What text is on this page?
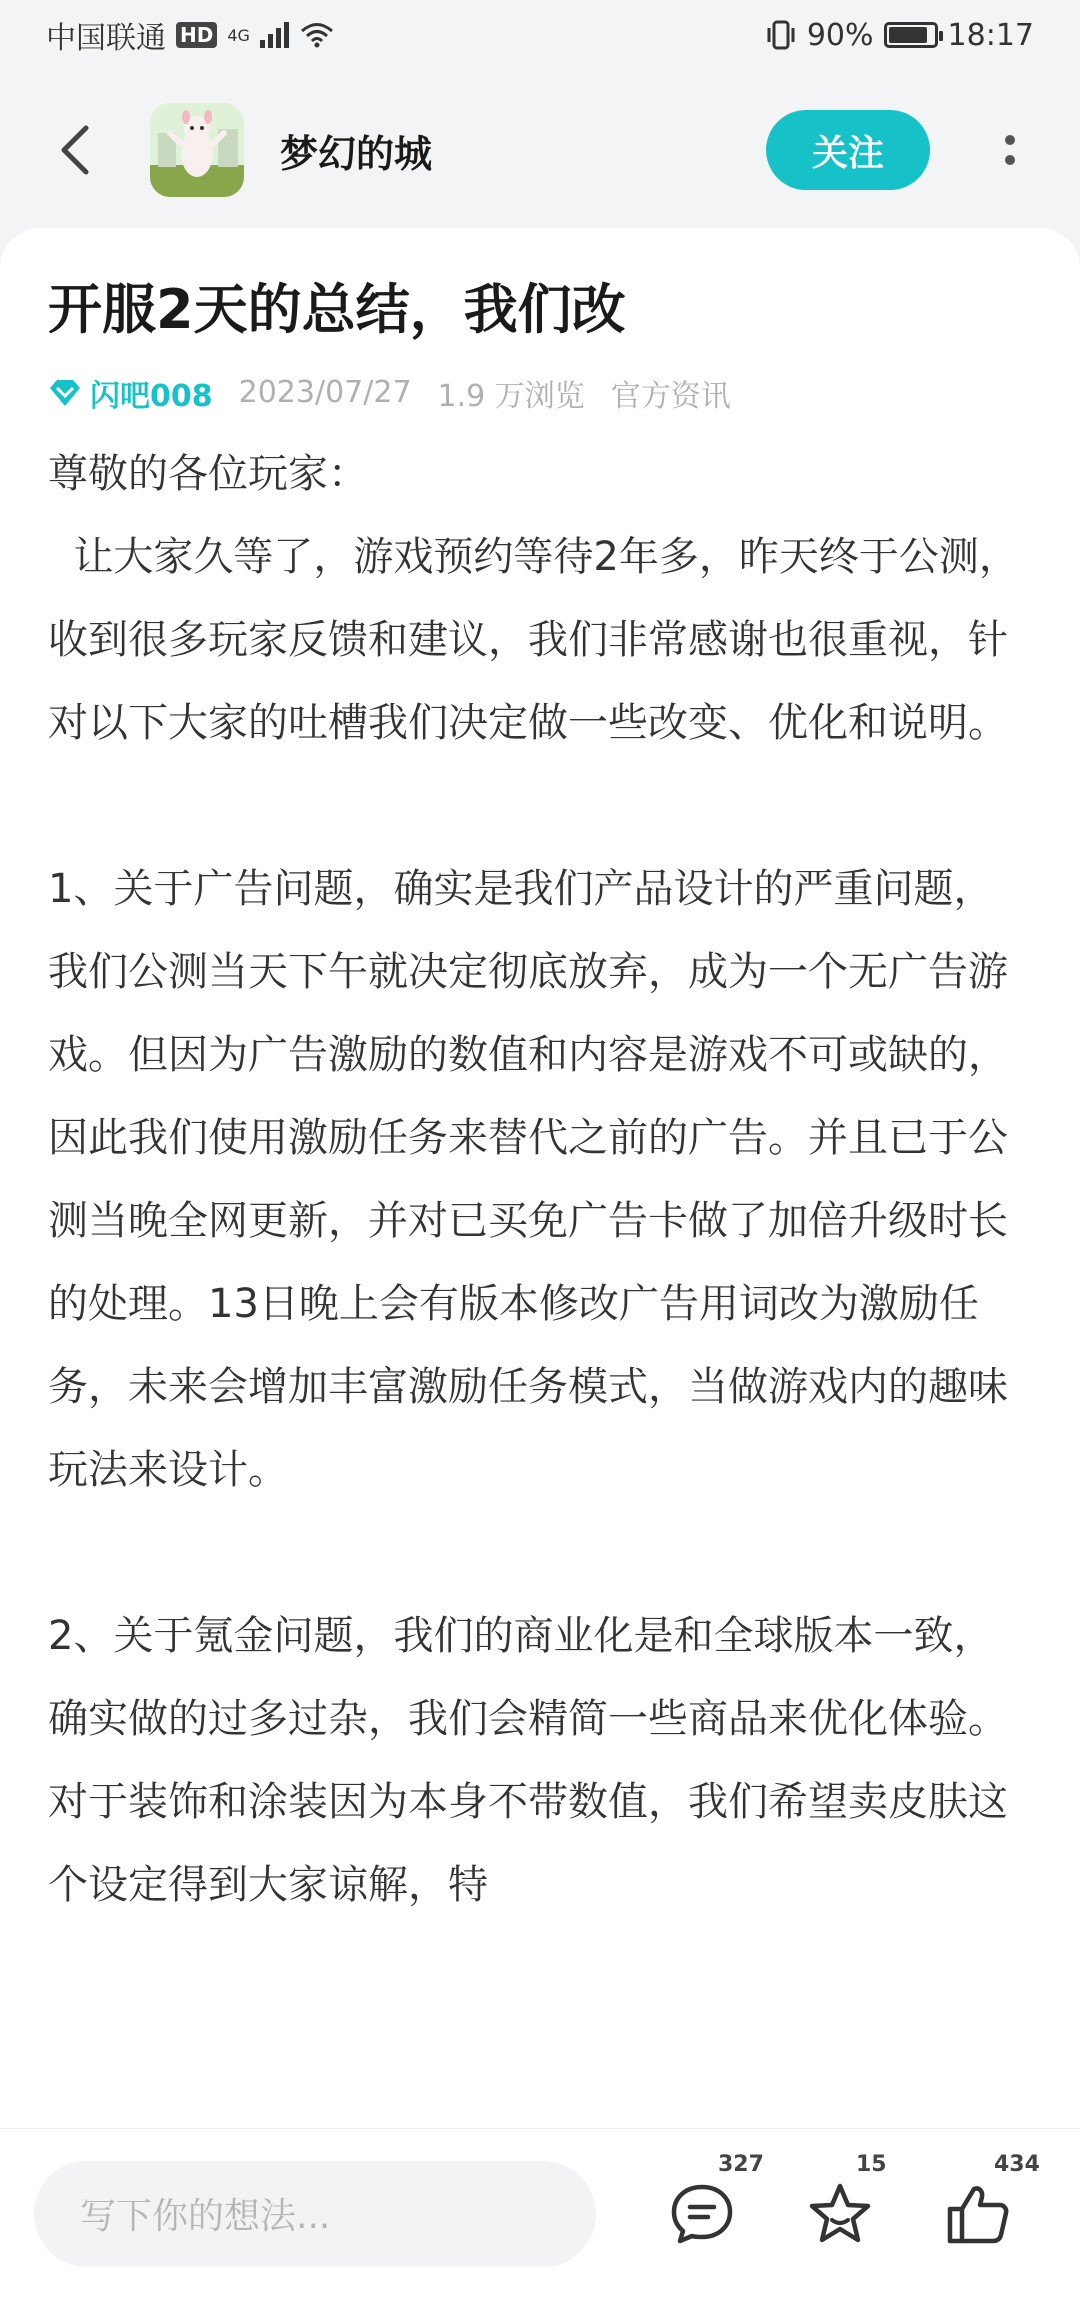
中国联通 HD 4G	90% 18:17
梦幻的城	关注
开服2天的总结，我们改
闪吧008 2023/07/27 1.9 万浏览 官方资讯

尊敬的各位玩家：

让大家久等了，游戏预约等待2年多，昨天终于公测，收到很多玩家反馈和建议，我们非常感谢也很重视，针对以下大家的吐槽我们决定做一些改变、优化和说明。

1、关于广告问题，确实是我们产品设计的严重问题，我们公测当天下午就决定彻底放弃，成为一个无广告游戏。但因为广告激励的数值和内容是游戏不可或缺的，因此我们使用激励任务来替代之前的广告。并且已于公测当晚全网更新，并对已买免广告卡做了加倍升级时长的处理。13日晚上会有版本修改广告用词改为激励任务，未来会增加丰富激励任务模式，当做游戏内的趣味玩法来设计。

2、关于氪金问题，我们的商业化是和全球版本一致，确实做的过多过杂，我们会精简一些商品来优化体验。对于装饰和涂装因为本身不带数值，我们希望卖皮肤这个设定得到大家谅解，特

写下你的想法...
327	15	434
